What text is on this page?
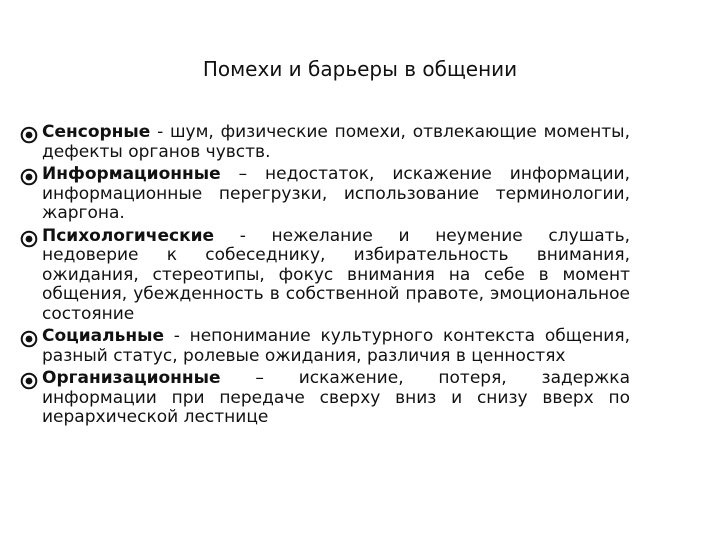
Помехи и барьеры в общении
Сенсорные - шум, физические помехи, отвлекающие моменты, дефекты органов чувств.
Информационные – недостаток, искажение информации, информационные перегрузки, использование терминологии, жаргона.
Психологические - нежелание и неумение слушать, недоверие к собеседнику, избирательность внимания, ожидания, стереотипы, фокус внимания на себе в момент общения, убежденность в собственной правоте, эмоциональное состояние
Социальные - непонимание культурного контекста общения, разный статус, ролевые ожидания, различия в ценностях
Организационные – искажение, потеря, задержка информации при передаче сверху вниз и снизу вверх по иерархической лестнице
